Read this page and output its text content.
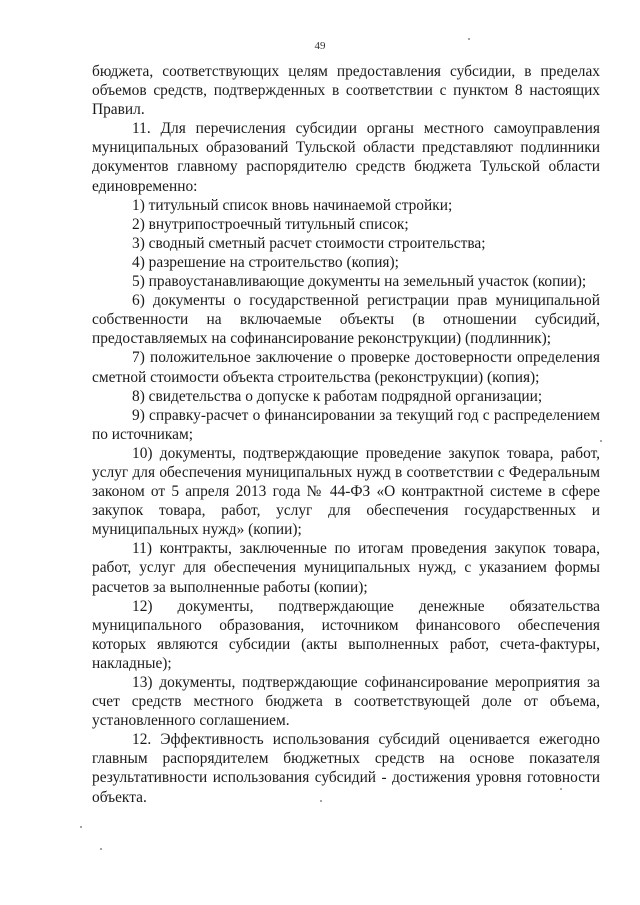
49

бюджета, соответствующих целям предоставления субсидии, в пределах объемов средств, подтвержденных в соответствии с пунктом 8 настоящих Правил.

11. Для перечисления субсидии органы местного самоуправления муниципальных образований Тульской области представляют подлинники документов главному распорядителю средств бюджета Тульской области единовременно:

1) титульный список вновь начинаемой стройки;

2) внутрипостроечный титульный список;

3) сводный сметный расчет стоимости строительства;

4) разрешение на строительство (копия);

5) правоустанавливающие документы на земельный участок (копии);

6) документы о государственной регистрации прав муниципальной собственности на включаемые объекты (в отношении субсидий, предоставляемых на софинансирование реконструкции) (подлинник);

7) положительное заключение о проверке достоверности определения сметной стоимости объекта строительства (реконструкции) (копия);

8) свидетельства о допуске к работам подрядной организации;

9) справку-расчет о финансировании за текущий год с распределением по источникам;

10) документы, подтверждающие проведение закупок товара, работ, услуг для обеспечения муниципальных нужд в соответствии с Федеральным законом от 5 апреля 2013 года № 44-ФЗ «О контрактной системе в сфере закупок товара, работ, услуг для обеспечения государственных и муниципальных нужд» (копии);

11) контракты, заключенные по итогам проведения закупок товара, работ, услуг для обеспечения муниципальных нужд, с указанием формы расчетов за выполненные работы (копии);

12) документы, подтверждающие денежные обязательства муниципального образования, источником финансового обеспечения которых являются субсидии (акты выполненных работ, счета-фактуры, накладные);

13) документы, подтверждающие софинансирование мероприятия за счет средств местного бюджета в соответствующей доле от объема, установленного соглашением.

12. Эффективность использования субсидий оценивается ежегодно главным распорядителем бюджетных средств на основе показателя результативности использования субсидий - достижения уровня готовности объекта.
